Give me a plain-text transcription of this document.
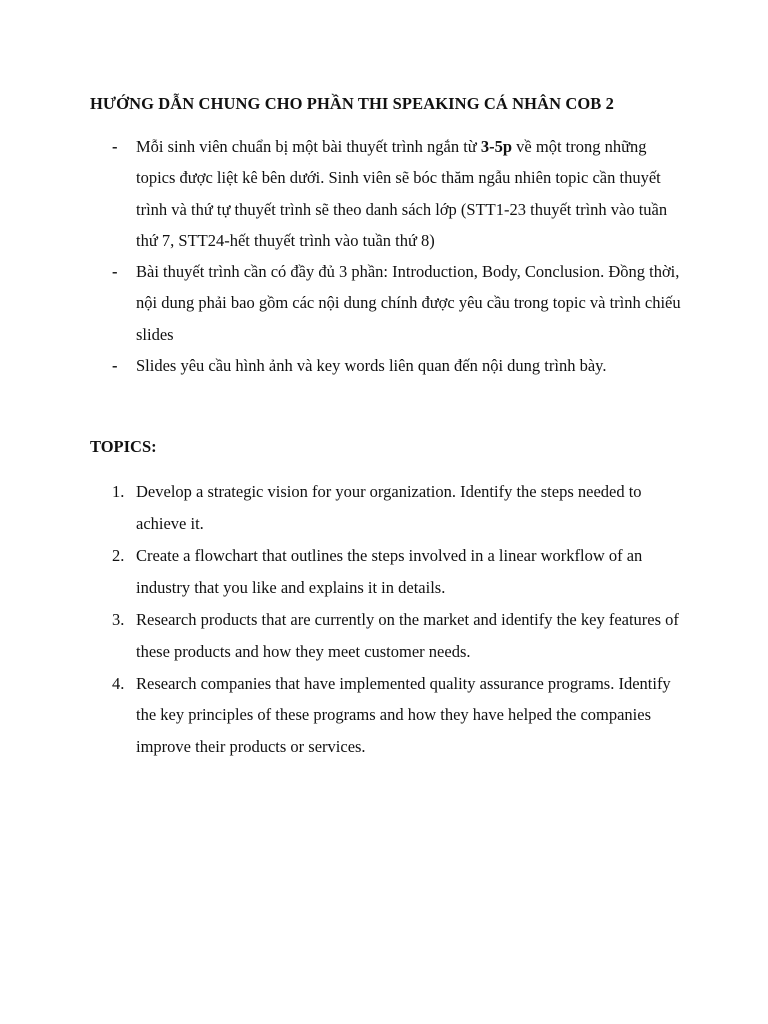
HƯỚNG DẪN CHUNG CHO PHẦN THI SPEAKING CÁ NHÂN COB 2
- Mỗi sinh viên chuẩn bị một bài thuyết trình ngắn từ 3-5p về một trong những topics được liệt kê bên dưới. Sinh viên sẽ bóc thăm ngẫu nhiên topic cần thuyết trình và thứ tự thuyết trình sẽ theo danh sách lớp (STT1-23 thuyết trình vào tuần thứ 7, STT24-hết thuyết trình vào tuần thứ 8)
- Bài thuyết trình cần có đầy đủ 3 phần: Introduction, Body, Conclusion. Đồng thời, nội dung phải bao gồm các nội dung chính được yêu cầu trong topic và trình chiếu slides
- Slides yêu cầu hình ảnh và key words liên quan đến nội dung trình bày.
TOPICS:
1. Develop a strategic vision for your organization. Identify the steps needed to achieve it.
2. Create a flowchart that outlines the steps involved in a linear workflow of an industry that you like and explains it in details.
3. Research products that are currently on the market and identify the key features of these products and how they meet customer needs.
4. Research companies that have implemented quality assurance programs. Identify the key principles of these programs and how they have helped the companies improve their products or services.
